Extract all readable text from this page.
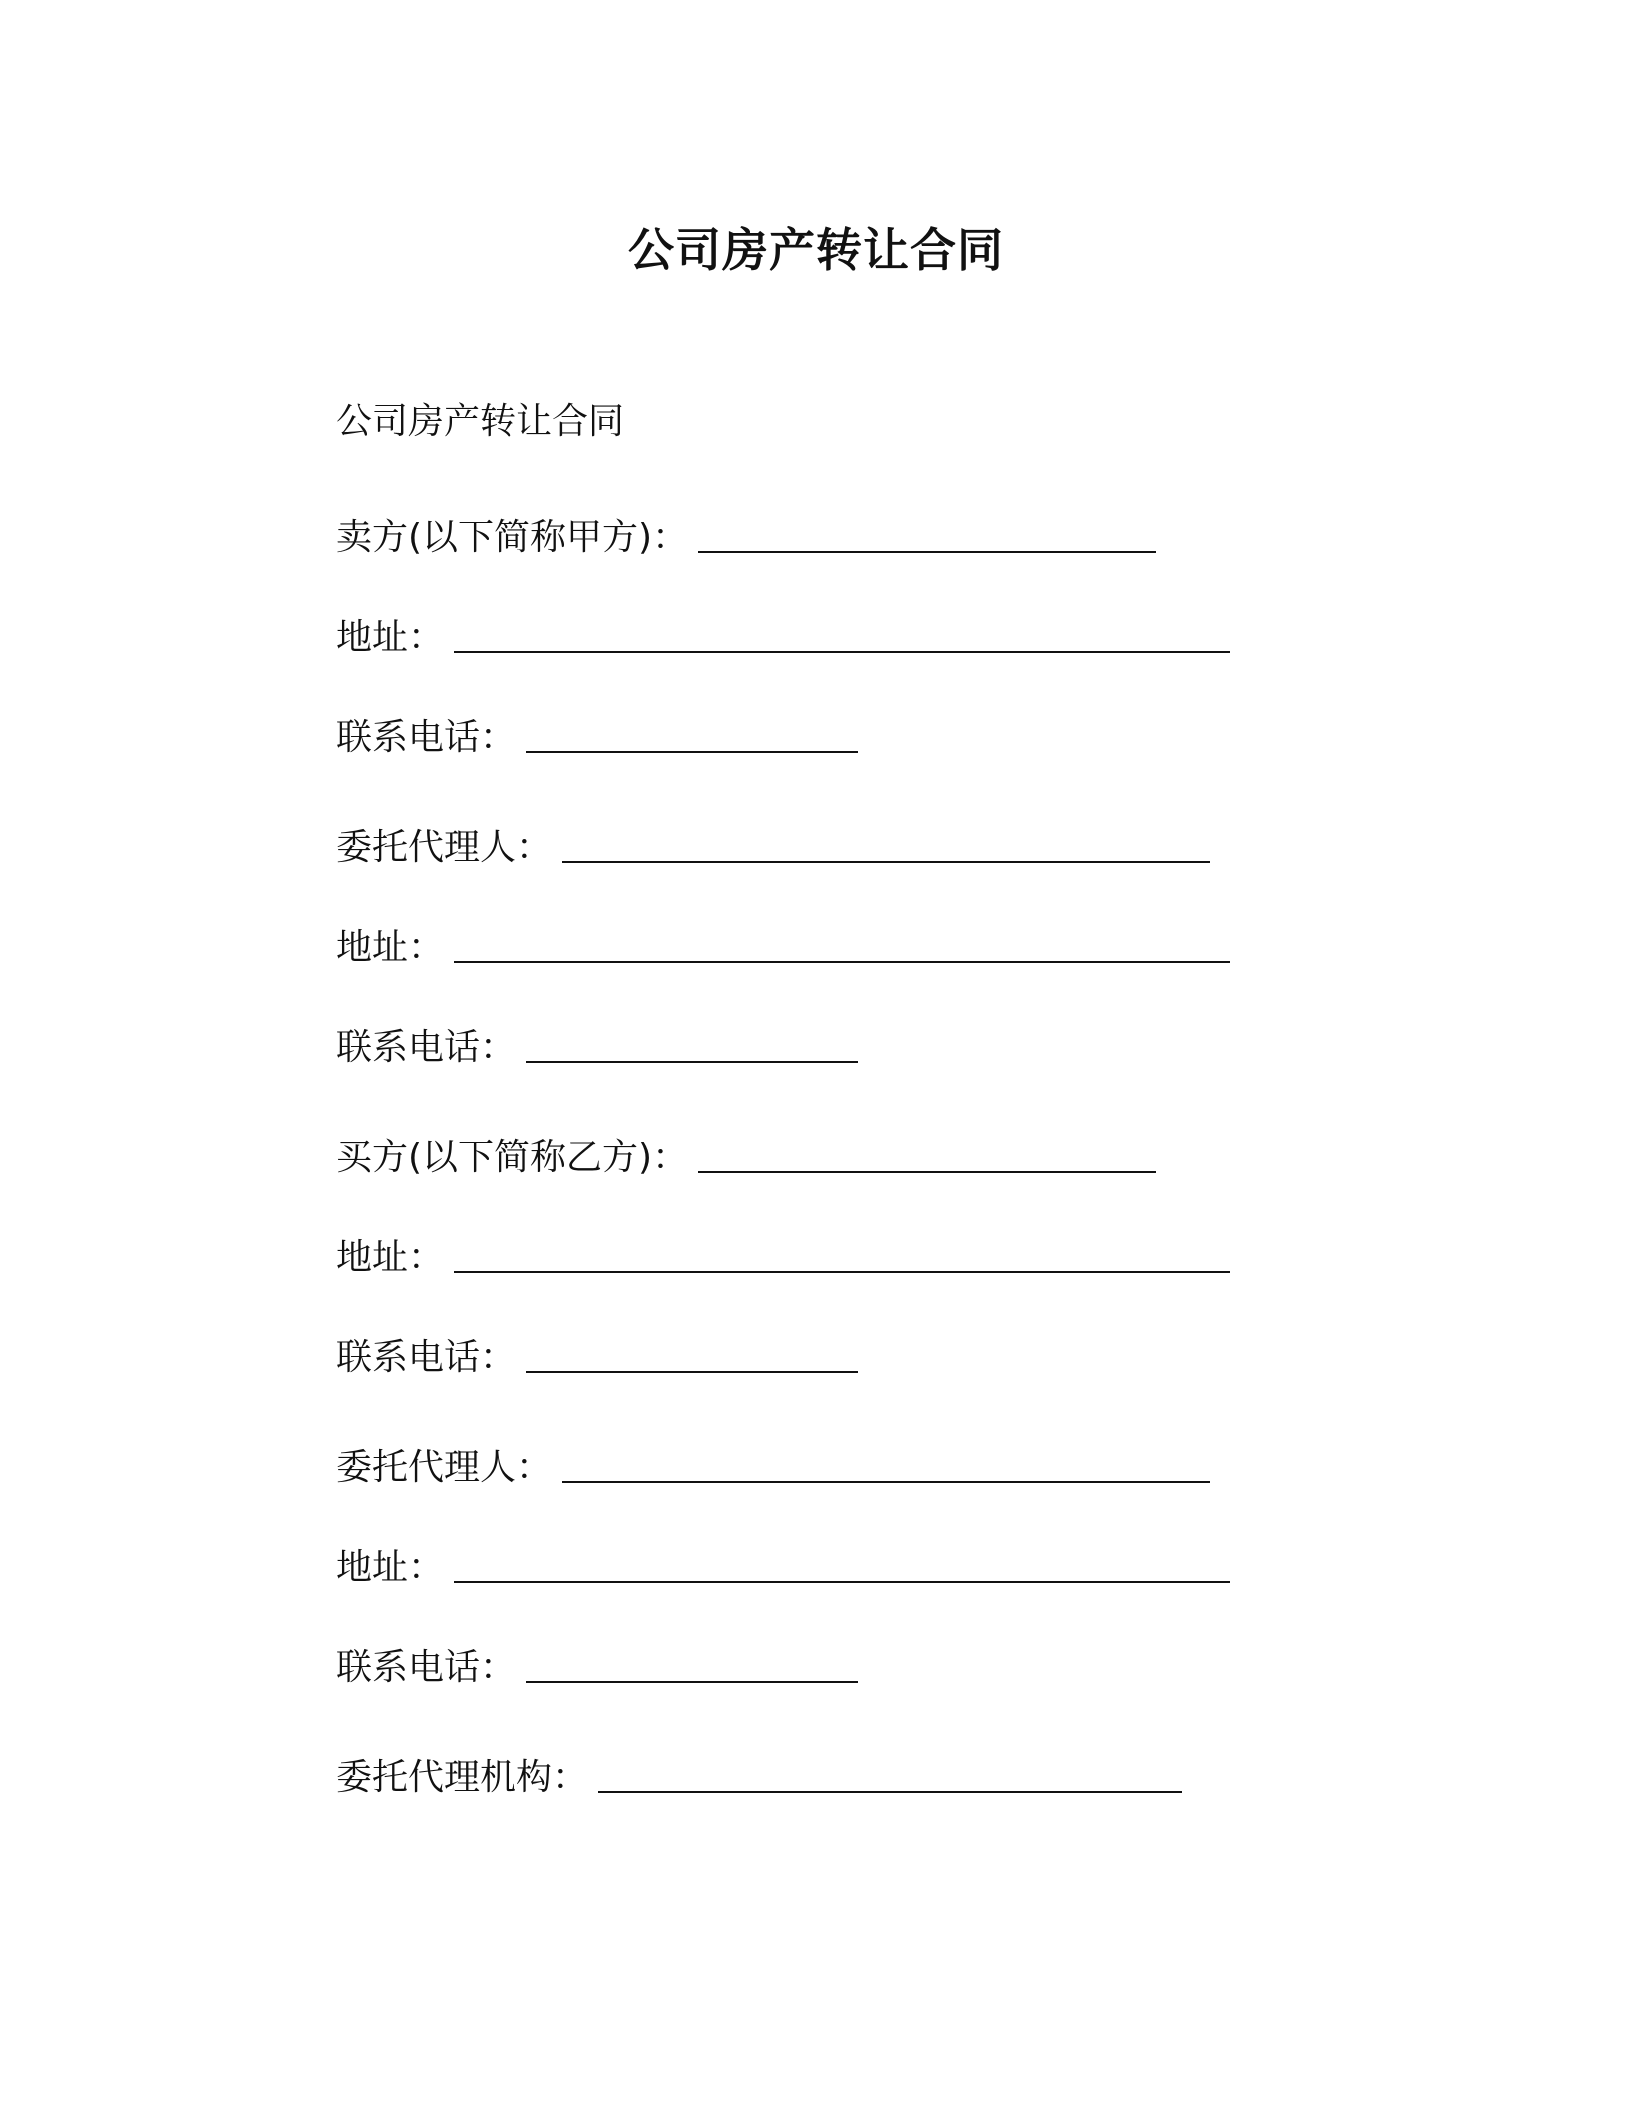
公司房产转让合同

公司房产转让合同

卖方(以下简称甲方)：
地址：
联系电话：
委托代理人：
地址：
联系电话：
买方(以下简称乙方)：
地址：
联系电话：
委托代理人：
地址：
联系电话：
委托代理机构：
